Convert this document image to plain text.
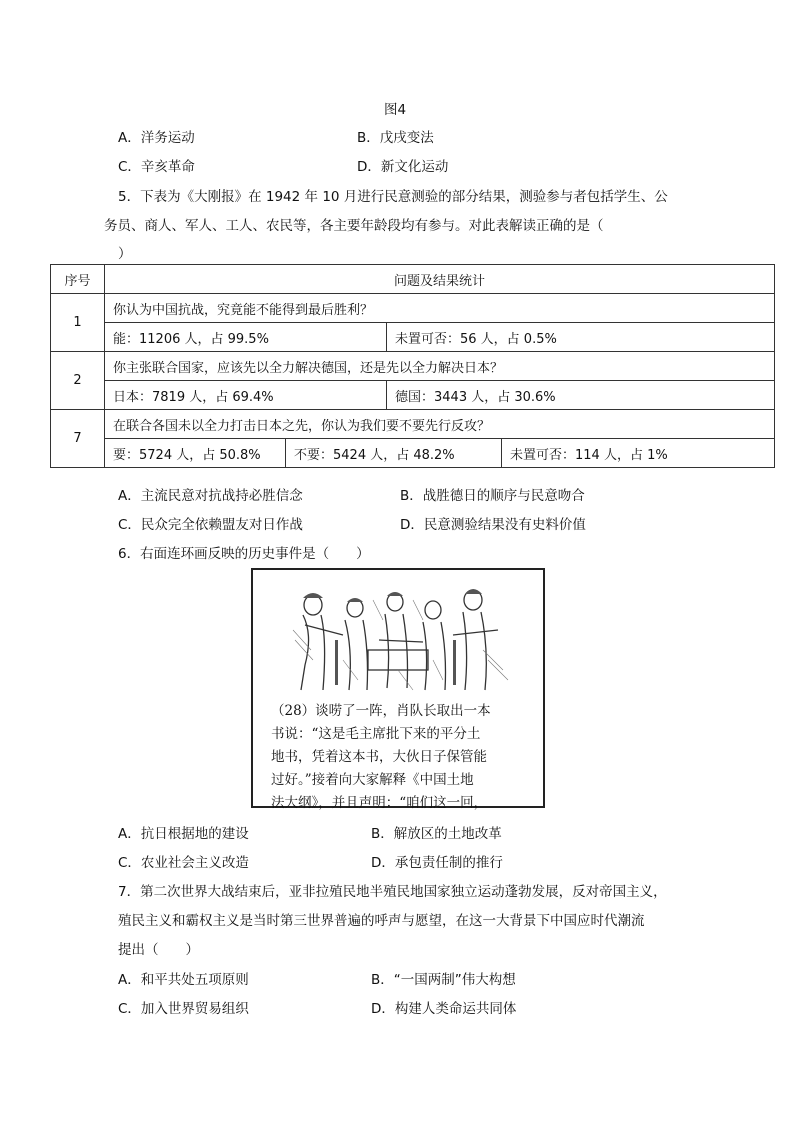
图4
A．洋务运动	B．戊戌变法
C．辛亥革命	D．新文化运动
5．下表为《大刚报》在 1942 年 10 月进行民意测验的部分结果，测验参与者包括学生、公
务员、商人、军人、工人、农民等，各主要年龄段均有参与。对此表解读正确的是（
）
序号	问题及结果统计			
1	你认为中国抗战，究竟能不能得到最后胜利？			
	能：11206 人，占 99.5%		未置可否：56 人，占 0.5%	
2	你主张联合国家，应该先以全力解决德国，还是先以全力解决日本？			
	日本：7819 人，占 69.4%		德国：3443 人，占 30.6%	
7	在联合各国未以全力打击日本之先，你认为我们要不要先行反攻？			
	要：5724 人，占 50.8%	不要：5424 人，占 48.2%		未置可否：114 人，占 1%
A．主流民意对抗战持必胜信念	B．战胜德日的顺序与民意吻合
C．民众完全依赖盟友对日作战	D．民意测验结果没有史料价值
6．右面连环画反映的历史事件是（　　）
（28）谈唠了一阵，肖队长取出一本
书说：“这是毛主席批下来的平分土
地书，凭着这本书，大伙日子保管能
过好。”接着向大家解释《中国土地
法大纲》，并且声明：“咱们这一回，
A．抗日根据地的建设	B．解放区的土地改革
C．农业社会主义改造	D．承包责任制的推行
7．第二次世界大战结束后，亚非拉殖民地半殖民地国家独立运动蓬勃发展，反对帝国主义，
殖民主义和霸权主义是当时第三世界普遍的呼声与愿望，在这一大背景下中国应时代潮流
提出（　　）
A．和平共处五项原则	B．“一国两制”伟大构想
C．加入世界贸易组织	D．构建人类命运共同体
